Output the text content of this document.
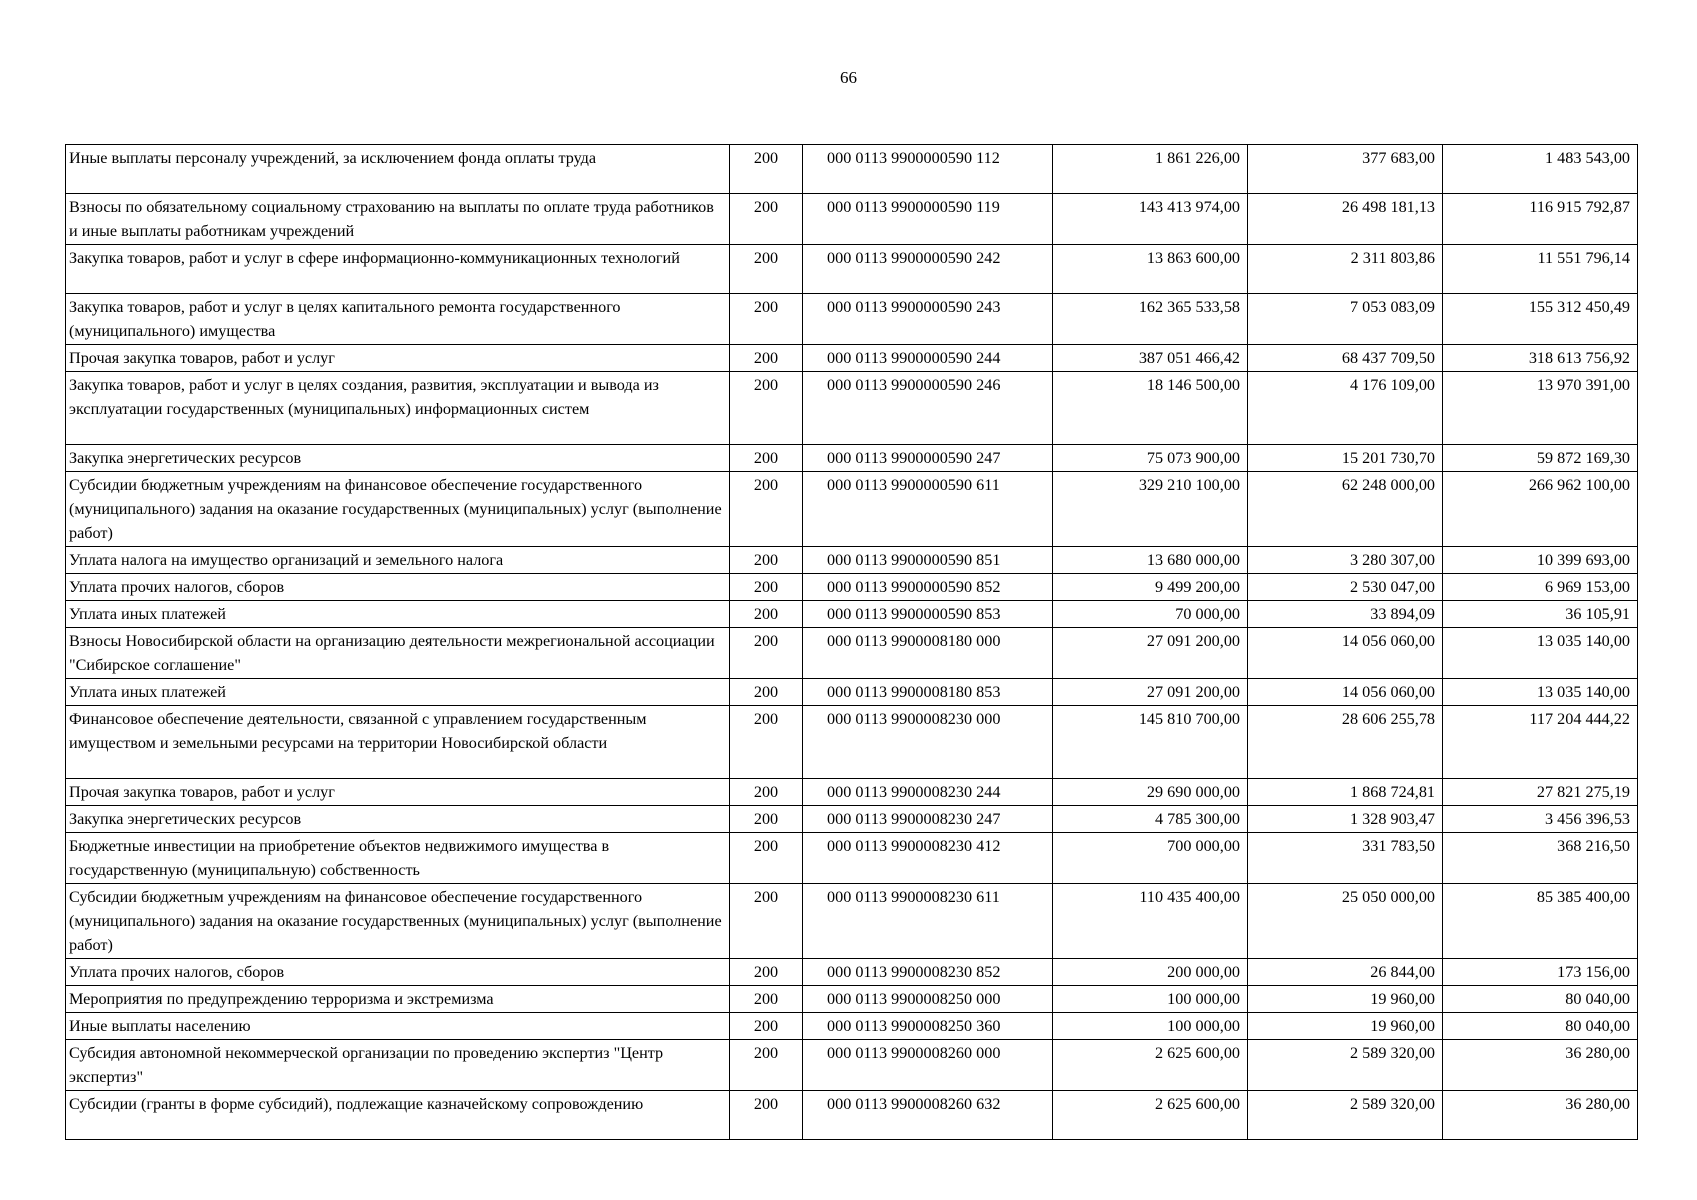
66
Иные выплаты персоналу учреждений, за исключением фонда оплаты труда	200	000 0113 9900000590 112	1 861 226,00	377 683,00	1 483 543,00
Взносы по обязательному социальному страхованию на выплаты по оплате труда работников и иные выплаты работникам учреждений	200	000 0113 9900000590 119	143 413 974,00	26 498 181,13	116 915 792,87
Закупка товаров, работ и услуг в сфере информационно-коммуникационных технологий	200	000 0113 9900000590 242	13 863 600,00	2 311 803,86	11 551 796,14
Закупка товаров, работ и услуг в целях капитального ремонта государственного (муниципального) имущества	200	000 0113 9900000590 243	162 365 533,58	7 053 083,09	155 312 450,49
Прочая закупка товаров, работ и услуг	200	000 0113 9900000590 244	387 051 466,42	68 437 709,50	318 613 756,92
Закупка товаров, работ и услуг в целях создания, развития, эксплуатации и вывода из эксплуатации государственных (муниципальных) информационных систем	200	000 0113 9900000590 246	18 146 500,00	4 176 109,00	13 970 391,00
Закупка энергетических ресурсов	200	000 0113 9900000590 247	75 073 900,00	15 201 730,70	59 872 169,30
Субсидии бюджетным учреждениям на финансовое обеспечение государственного (муниципального) задания на оказание государственных (муниципальных) услуг (выполнение работ)	200	000 0113 9900000590 611	329 210 100,00	62 248 000,00	266 962 100,00
Уплата налога на имущество организаций и земельного налога	200	000 0113 9900000590 851	13 680 000,00	3 280 307,00	10 399 693,00
Уплата прочих налогов, сборов	200	000 0113 9900000590 852	9 499 200,00	2 530 047,00	6 969 153,00
Уплата иных платежей	200	000 0113 9900000590 853	70 000,00	33 894,09	36 105,91
Взносы Новосибирской области на организацию деятельности межрегиональной ассоциации "Сибирское соглашение"	200	000 0113 9900008180 000	27 091 200,00	14 056 060,00	13 035 140,00
Уплата иных платежей	200	000 0113 9900008180 853	27 091 200,00	14 056 060,00	13 035 140,00
Финансовое обеспечение деятельности, связанной с управлением государственным имуществом и земельными ресурсами на территории Новосибирской области	200	000 0113 9900008230 000	145 810 700,00	28 606 255,78	117 204 444,22
Прочая закупка товаров, работ и услуг	200	000 0113 9900008230 244	29 690 000,00	1 868 724,81	27 821 275,19
Закупка энергетических ресурсов	200	000 0113 9900008230 247	4 785 300,00	1 328 903,47	3 456 396,53
Бюджетные инвестиции на приобретение объектов недвижимого имущества в государственную (муниципальную) собственность	200	000 0113 9900008230 412	700 000,00	331 783,50	368 216,50
Субсидии бюджетным учреждениям на финансовое обеспечение государственного (муниципального) задания на оказание государственных (муниципальных) услуг (выполнение работ)	200	000 0113 9900008230 611	110 435 400,00	25 050 000,00	85 385 400,00
Уплата прочих налогов, сборов	200	000 0113 9900008230 852	200 000,00	26 844,00	173 156,00
Мероприятия по предупреждению терроризма и экстремизма	200	000 0113 9900008250 000	100 000,00	19 960,00	80 040,00
Иные выплаты населению	200	000 0113 9900008250 360	100 000,00	19 960,00	80 040,00
Субсидия автономной некоммерческой организации по проведению экспертиз "Центр экспертиз"	200	000 0113 9900008260 000	2 625 600,00	2 589 320,00	36 280,00
Субсидии (гранты в форме субсидий), подлежащие казначейскому сопровождению	200	000 0113 9900008260 632	2 625 600,00	2 589 320,00	36 280,00
